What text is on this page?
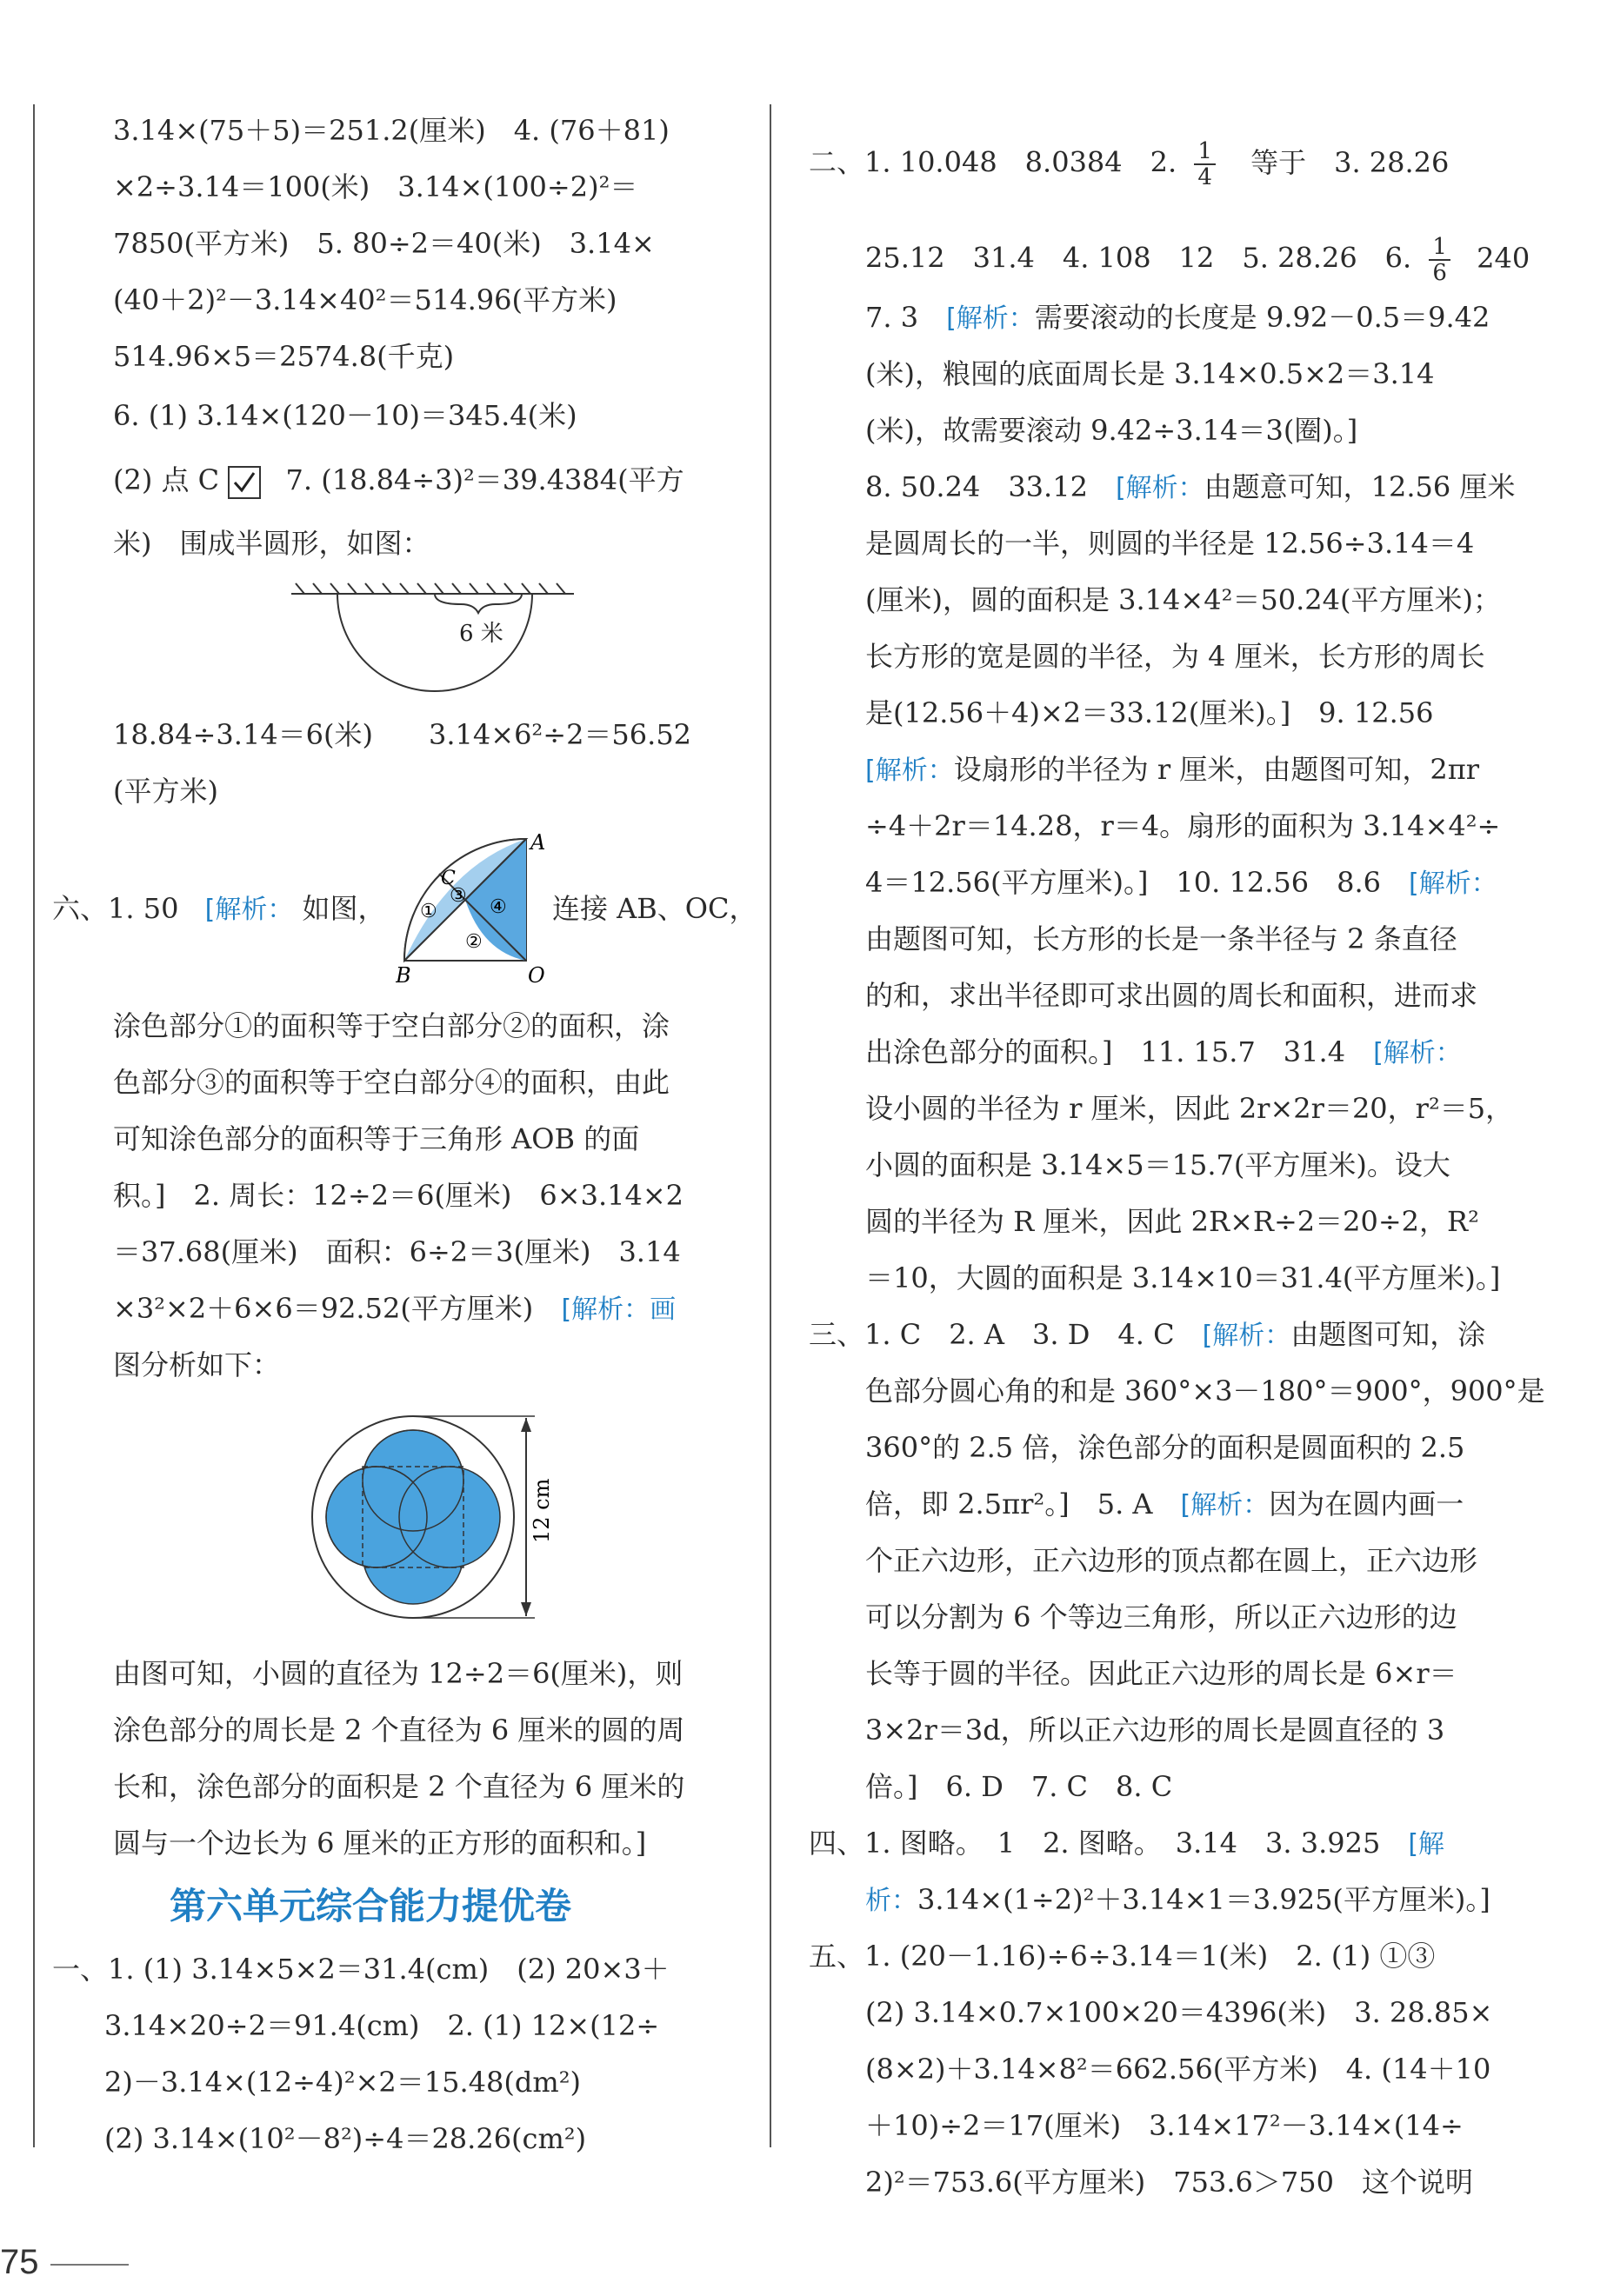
3.14×(75＋5)＝251.2(厘米)　4. (76＋81)
×2÷3.14＝100(米)　3.14×(100÷2)²＝
7850(平方米)　5. 80÷2＝40(米)　3.14×
(40＋2)²－3.14×40²＝514.96(平方米)
514.96×5＝2574.8(千克)
6. (1) 3.14×(120－10)＝345.4(米)
(2) 点 C 7. (18.84÷3)²＝39.4384(平方
米)　围成半圆形，如图：
6 米
18.84÷3.14＝6(米)　　3.14×6²÷2＝56.52
(平方米)
六、1. 50 [解析： 如图，
A
B	O
C
①
②
③
④ 连接 AB、OC，
涂色部分①的面积等于空白部分②的面积，涂
色部分③的面积等于空白部分④的面积，由此
可知涂色部分的面积等于三角形 AOB 的面
积。]　2. 周长：12÷2＝6(厘米)　6×3.14×2
＝37.68(厘米)　面积：6÷2＝3(厘米)　3.14
×3²×2＋6×6＝92.52(平方厘米) [解析：画
图分析如下：
12 cm
由图可知，小圆的直径为 12÷2＝6(厘米)，则
涂色部分的周长是 2 个直径为 6 厘米的圆的周
长和，涂色部分的面积是 2 个直径为 6 厘米的
圆与一个边长为 6 厘米的正方形的面积和。]
第六单元综合能力提优卷
一、1. (1) 3.14×5×2＝31.4(cm)　(2) 20×3＋
3.14×20÷2＝91.4(cm)　2. (1) 12×(12÷
2)－3.14×(12÷4)²×2＝15.48(dm²)
(2) 3.14×(10²－8²)÷4＝28.26(cm²)
二、1. 10.048　8.0384　2. $\frac{1}{4}$ 等于　3. 28.26
25.12　31.4　4. 108　12　5. 28.26　6. $\frac{1}{6} 240$
7. 3　[解析：需要滚动的长度是 9.92－0.5＝9.42
(米)，粮囤的底面周长是 3.14×0.5×2＝3.14
(米)，故需要滚动 9.42÷3.14＝3(圈)。]
8. 50.24　33.12　[解析：由题意可知，12.56 厘米
是圆周长的一半，则圆的半径是 12.56÷3.14＝4
(厘米)，圆的面积是 3.14×4²＝50.24(平方厘米)；
长方形的宽是圆的半径，为 4 厘米，长方形的周长
是(12.56＋4)×2＝33.12(厘米)。]　9. 12.56
[解析：设扇形的半径为 r 厘米，由题图可知，2πr
÷4＋2r＝14.28，r＝4。扇形的面积为 3.14×4²÷
4＝12.56(平方厘米)。]　10. 12.56　8.6　[解析：
由题图可知，长方形的长是一条半径与 2 条直径
的和，求出半径即可求出圆的周长和面积，进而求
出涂色部分的面积。]　11. 15.7　31.4　[解析：
设小圆的半径为 r 厘米，因此 2r×2r＝20，r²＝5，
小圆的面积是 3.14×5＝15.7(平方厘米)。设大
圆的半径为 R 厘米，因此 2R×R÷2＝20÷2，R²
＝10，大圆的面积是 3.14×10＝31.4(平方厘米)。]
三、1. C　2. A　3. D　4. C　[解析：由题图可知，涂
色部分圆心角的和是 360°×3－180°＝900°，900°是
360°的 2.5 倍，涂色部分的面积是圆面积的 2.5
倍，即 2.5πr²。]　5. A　[解析：因为在圆内画一
个正六边形，正六边形的顶点都在圆上，正六边形
可以分割为 6 个等边三角形，所以正六边形的边
长等于圆的半径。因此正六边形的周长是 6×r＝
3×2r＝3d，所以正六边形的周长是圆直径的 3
倍。]　6. D　7. C　8. C
四、1. 图略。　1　2. 图略。　3.14　3. 3.925　[解
析：3.14×(1÷2)²＋3.14×1＝3.925(平方厘米)。]
五、1. (20－1.16)÷6÷3.14＝1(米)　2. (1) ①③
(2) 3.14×0.7×100×20＝4396(米)　3. 28.85×
(8×2)＋3.14×8²＝662.56(平方米)　4. (14＋10
＋10)÷2＝17(厘米)　3.14×17²－3.14×(14÷
2)²＝753.6(平方厘米)　753.6＞750　这个说明
75
